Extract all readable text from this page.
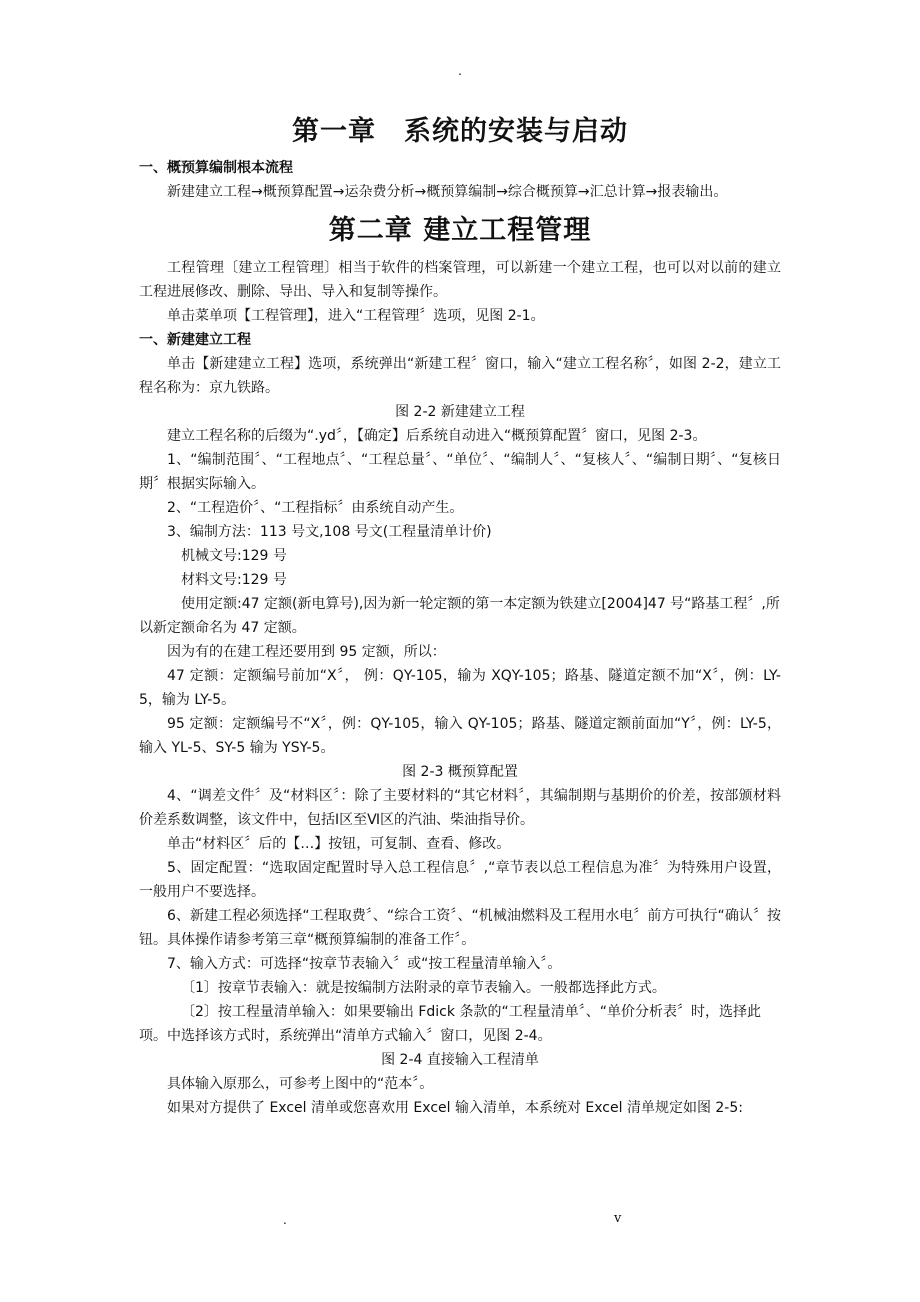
.
第一章　系统的安装与启动

一、概预算编制根本流程

新建建立工程→概预算配置→运杂费分析→概预算编制→综合概预算→汇总计算→报表输出。

第二章 建立工程管理

工程管理〔建立工程管理〕相当于软件的档案管理，可以新建一个建立工程，也可以对以前的建立工程进展修改、删除、导出、导入和复制等操作。

单击菜单项【工程管理】，进入“工程管理〞选项，见图 2-1。

一、新建建立工程

单击【新建建立工程】选项，系统弹出“新建工程〞窗口，输入“建立工程名称〞，如图 2-2，建立工程名称为：京九铁路。

图 2-2 新建建立工程

建立工程名称的后缀为“.yd〞，【确定】后系统自动进入“概预算配置〞窗口，见图 2-3。

1、“编制范围〞、“工程地点〞、“工程总量〞、“单位〞、“编制人〞、“复核人〞、“编制日期〞、“复核日期〞根据实际输入。

2、“工程造价〞、“工程指标〞由系统自动产生。

3、编制方法：113 号文,108 号文(工程量清单计价)

机械文号:129 号

材料文号:129 号

使用定额:47 定额(新电算号),因为新一轮定额的第一本定额为铁建立[2004]47 号“路基工程〞,所以新定额命名为 47 定额。

因为有的在建工程还要用到 95 定额，所以：

47 定额：定额编号前加“X〞， 例：QY-105，输为 XQY-105；路基、隧道定额不加“X〞，例：LY-5，输为 LY-5。

95 定额：定额编号不“X〞，例：QY-105，输入 QY-105；路基、隧道定额前面加“Y〞，例：LY-5，输入 YL-5、SY-5 输为 YSY-5。

图 2-3 概预算配置

4、“调差文件〞及“材料区〞：除了主要材料的“其它材料〞，其编制期与基期价的价差，按部颁材料价差系数调整，该文件中，包括Ⅰ区至Ⅵ区的汽油、柴油指导价。

单击“材料区〞后的【…】按钮，可复制、查看、修改。

5、固定配置：“选取固定配置时导入总工程信息〞,“章节表以总工程信息为准〞为特殊用户设置，一般用户不要选择。

6、新建工程必须选择“工程取费〞、“综合工资〞、“机械油燃料及工程用水电〞前方可执行“确认〞按钮。具体操作请参考第三章“概预算编制的准备工作〞。

7、输入方式：可选择“按章节表输入〞或“按工程量清单输入〞。

〔1〕按章节表输入：就是按编制方法附录的章节表输入。一般都选择此方式。

〔2〕按工程量清单输入：如果要输出 Fdick 条款的“工程量清单〞、“单价分析表〞时，选择此项。中选择该方式时，系统弹出“清单方式输入〞窗口，见图 2-4。

图 2-4 直接输入工程清单

具体输入原那么，可参考上图中的“范本〞。

如果对方提供了 Excel 清单或您喜欢用 Excel 输入清单，本系统对 Excel 清单规定如图 2-5:

.	v
